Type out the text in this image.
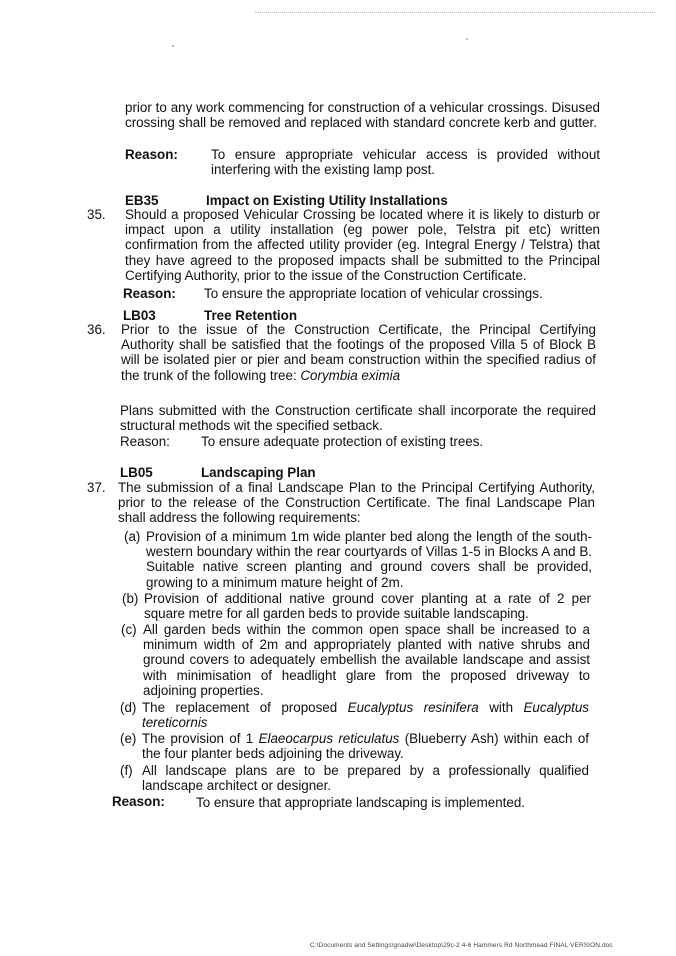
prior to any work commencing for construction of a vehicular crossings. Disused crossing shall be removed and replaced with standard concrete kerb and gutter.
Reason: To ensure appropriate vehicular access is provided without interfering with the existing lamp post.
EB35	Impact on Existing Utility Installations
35. Should a proposed Vehicular Crossing be located where it is likely to disturb or impact upon a utility installation (eg power pole, Telstra pit etc) written confirmation from the affected utility provider (eg. Integral Energy / Telstra) that they have agreed to the proposed impacts shall be submitted to the Principal Certifying Authority, prior to the issue of the Construction Certificate.
Reason: To ensure the appropriate location of vehicular crossings.
LB03	Tree Retention
36. Prior to the issue of the Construction Certificate, the Principal Certifying Authority shall be satisfied that the footings of the proposed Villa 5 of Block B will be isolated pier or pier and beam construction within the specified radius of the trunk of the following tree: Corymbia eximia
Plans submitted with the Construction certificate shall incorporate the required structural methods wit the specified setback.
Reason: To ensure adequate protection of existing trees.
LB05	Landscaping Plan
37. The submission of a final Landscape Plan to the Principal Certifying Authority, prior to the release of the Construction Certificate. The final Landscape Plan shall address the following requirements:
(a) Provision of a minimum 1m wide planter bed along the length of the south-western boundary within the rear courtyards of Villas 1-5 in Blocks A and B. Suitable native screen planting and ground covers shall be provided, growing to a minimum mature height of 2m.
(b) Provision of additional native ground cover planting at a rate of 2 per square metre for all garden beds to provide suitable landscaping.
(c) All garden beds within the common open space shall be increased to a minimum width of 2m and appropriately planted with native shrubs and ground covers to adequately embellish the available landscape and assist with minimisation of headlight glare from the proposed driveway to adjoining properties.
(d) The replacement of proposed Eucalyptus resinifera with Eucalyptus tereticornis
(e) The provision of 1 Elaeocarpus reticulatus (Blueberry Ash) within each of the four planter beds adjoining the driveway.
(f) All landscape plans are to be prepared by a professionally qualified landscape architect or designer.
Reason: To ensure that appropriate landscaping is implemented.
C:\Documents and Settings\gnadwi\Desktop\29c-2 4-6 Hammers Rd Northmead FINAL VERSION.doc
